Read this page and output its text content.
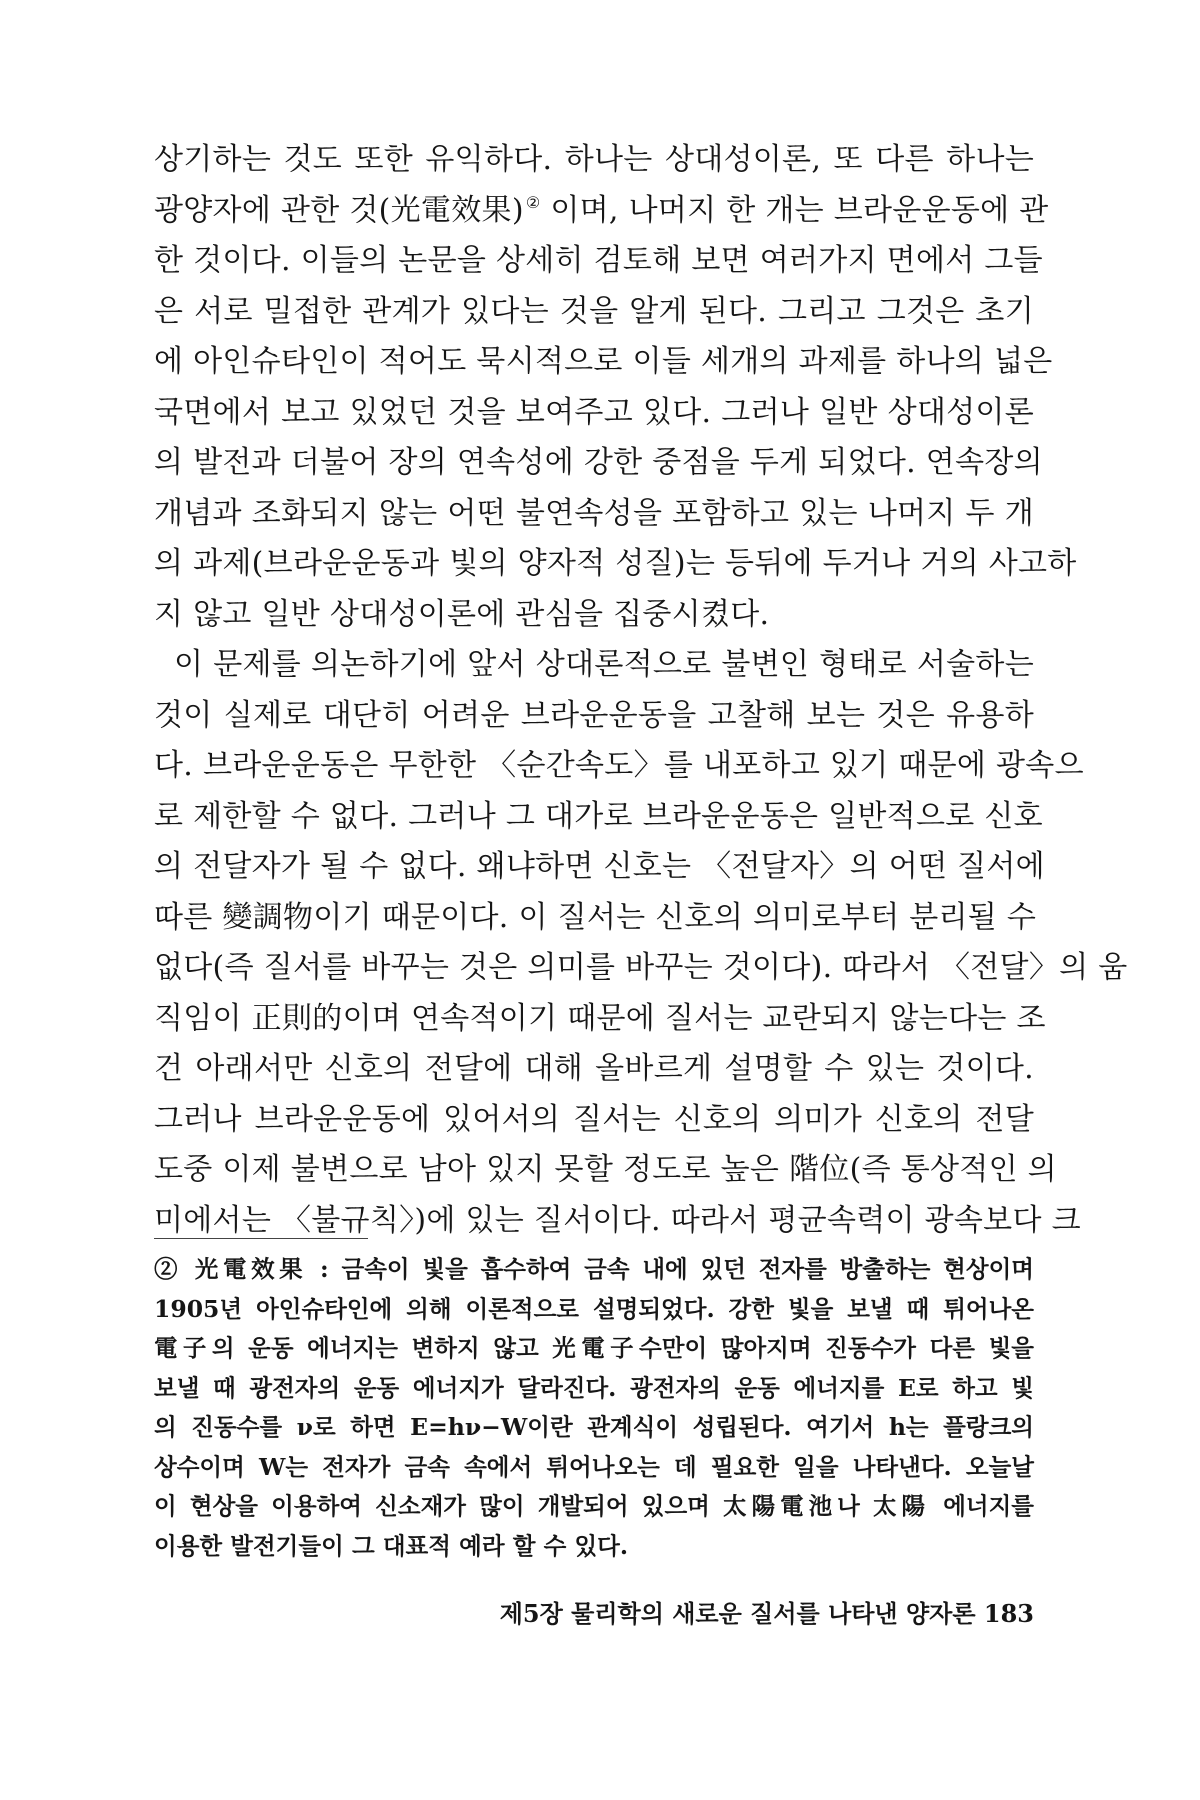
상기하는 것도 또한 유익하다. 하나는 상대성이론, 또 다른 하나는
광양자에 관한 것(光電效果) ② 이며, 나머지 한 개는 브라운운동에 관
한 것이다. 이들의 논문을 상세히 검토해 보면 여러가지 면에서 그들
은 서로 밀접한 관계가 있다는 것을 알게 된다. 그리고 그것은 초기
에 아인슈타인이 적어도 묵시적으로 이들 세개의 과제를 하나의 넓은
국면에서 보고 있었던 것을 보여주고 있다. 그러나 일반 상대성이론
의 발전과 더불어 장의 연속성에 강한 중점을 두게 되었다. 연속장의
개념과 조화되지 않는 어떤 불연속성을 포함하고 있는 나머지 두 개
의 과제(브라운운동과 빛의 양자적 성질)는 등뒤에 두거나 거의 사고하
지 않고 일반 상대성이론에 관심을 집중시켰다.
이 문제를 의논하기에 앞서 상대론적으로 불변인 형태로 서술하는
것이 실제로 대단히 어려운 브라운운동을 고찰해 보는 것은 유용하
다. 브라운운동은 무한한 〈순간속도〉를 내포하고 있기 때문에 광속으
로 제한할 수 없다. 그러나 그 대가로 브라운운동은 일반적으로 신호
의 전달자가 될 수 없다. 왜냐하면 신호는 〈전달자〉의 어떤 질서에
따른 變調物이기 때문이다. 이 질서는 신호의 의미로부터 분리될 수
없다(즉 질서를 바꾸는 것은 의미를 바꾸는 것이다). 따라서 〈전달〉의 움
직임이 正則的이며 연속적이기 때문에 질서는 교란되지 않는다는 조
건 아래서만 신호의 전달에 대해 올바르게 설명할 수 있는 것이다.
그러나 브라운운동에 있어서의 질서는 신호의 의미가 신호의 전달
도중 이제 불변으로 남아 있지 못할 정도로 높은 階位(즉 통상적인 의
미에서는 〈불규칙〉)에 있는 질서이다. 따라서 평균속력이 광속보다 크
② 光電效果 : 금속이 빛을 흡수하여 금속 내에 있던 전자를 방출하는 현상이며
1905년 아인슈타인에 의해 이론적으로 설명되었다. 강한 빛을 보낼 때 튀어나온
電子의 운동 에너지는 변하지 않고 光電子수만이 많아지며 진동수가 다른 빛을
보낼 때 광전자의 운동 에너지가 달라진다. 광전자의 운동 에너지를 E로 하고 빛
의 진동수를 ν로 하면 E=hν−W이란 관계식이 성립된다. 여기서 h는 플랑크의
상수이며 W는 전자가 금속 속에서 튀어나오는 데 필요한 일을 나타낸다. 오늘날
이 현상을 이용하여 신소재가 많이 개발되어 있으며 太陽電池나 太陽 에너지를
이용한 발전기들이 그 대표적 예라 할 수 있다.
제5장 물리학의 새로운 질서를 나타낸 양자론 183
